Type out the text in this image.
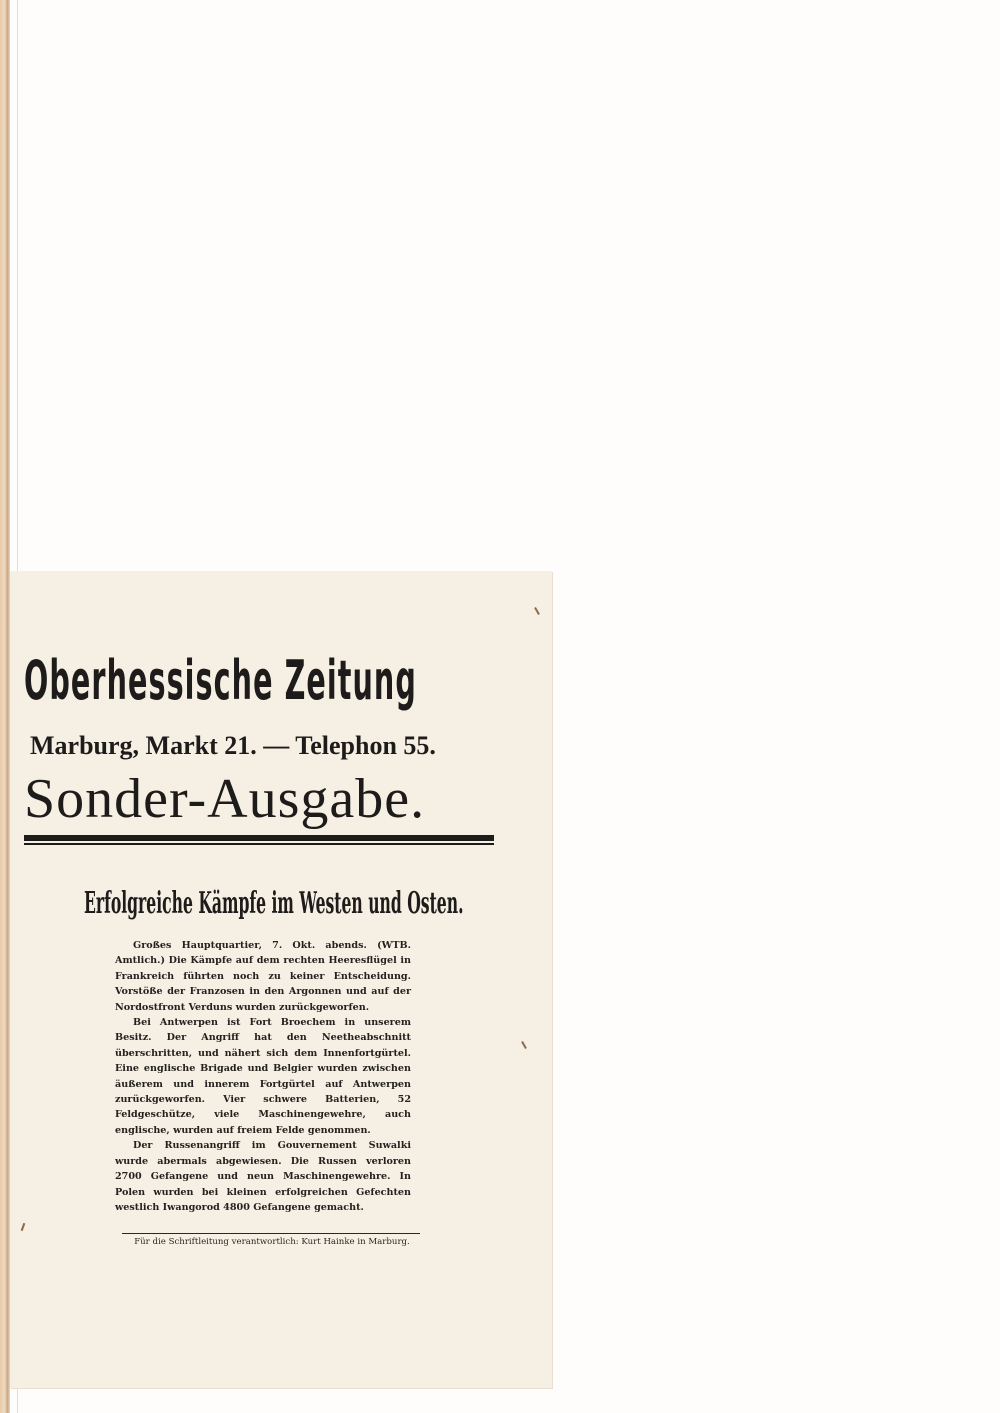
Oberhessische Zeitung
Marburg, Markt 21. — Telephon 55.
Sonder-Ausgabe.
Erfolgreiche Kämpfe im Westen und Osten.

Großes Hauptquartier, 7. Okt. abends. (WTB. Amtlich.) Die Kämpfe auf dem rechten Heeresflügel in Frankreich führten noch zu keiner Entscheidung. Vorstöße der Franzosen in den Argonnen und auf der Nordostfront Verduns wurden zurückgeworfen.

Bei Antwerpen ist Fort Broechem in unserem Besitz. Der Angriff hat den Neetheabschnitt überschritten, und nähert sich dem Innenfortgürtel. Eine englische Brigade und Belgier wurden zwischen äußerem und innerem Fortgürtel auf Antwerpen zurückgeworfen. Vier schwere Batterien, 52 Feldgeschütze, viele Maschinengewehre, auch englische, wurden auf freiem Felde genommen.

Der Russenangriff im Gouvernement Suwalki wurde abermals abgewiesen. Die Russen verloren 2700 Gefangene und neun Maschinengewehre. In Polen wurden bei kleinen erfolgreichen Gefechten westlich Iwangorod 4800 Gefangene gemacht.

Für die Schriftleitung verantwortlich: Kurt Hainke in Marburg.
